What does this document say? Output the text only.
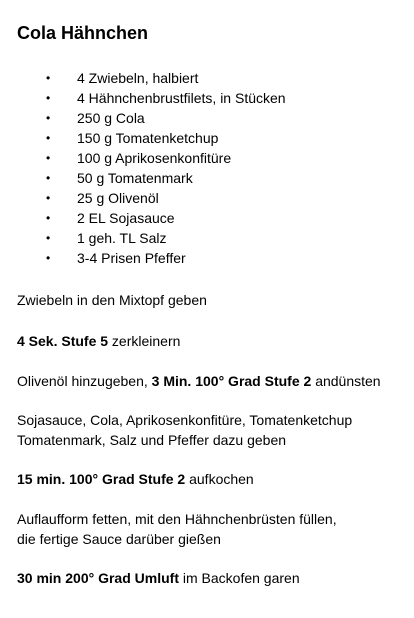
Cola Hähnchen
• 4 Zwiebeln, halbiert
• 4 Hähnchenbrustfilets, in Stücken
• 250 g Cola
• 150 g Tomatenketchup
• 100 g Aprikosenkonfitüre
• 50 g Tomatenmark
• 25 g Olivenöl
• 2 EL Sojasauce
• 1 geh. TL Salz
• 3-4 Prisen Pfeffer
Zwiebeln in den Mixtopf geben
4 Sek. Stufe 5 zerkleinern
Olivenöl hinzugeben, 3 Min. 100° Grad Stufe 2 andünsten
Sojasauce, Cola, Aprikosenkonfitüre, Tomatenketchup
Tomatenmark, Salz und Pfeffer dazu geben
15 min. 100° Grad Stufe 2 aufkochen
Auflaufform fetten, mit den Hähnchenbrüsten füllen,
die fertige Sauce darüber gießen
30 min 200° Grad Umluft im Backofen garen
